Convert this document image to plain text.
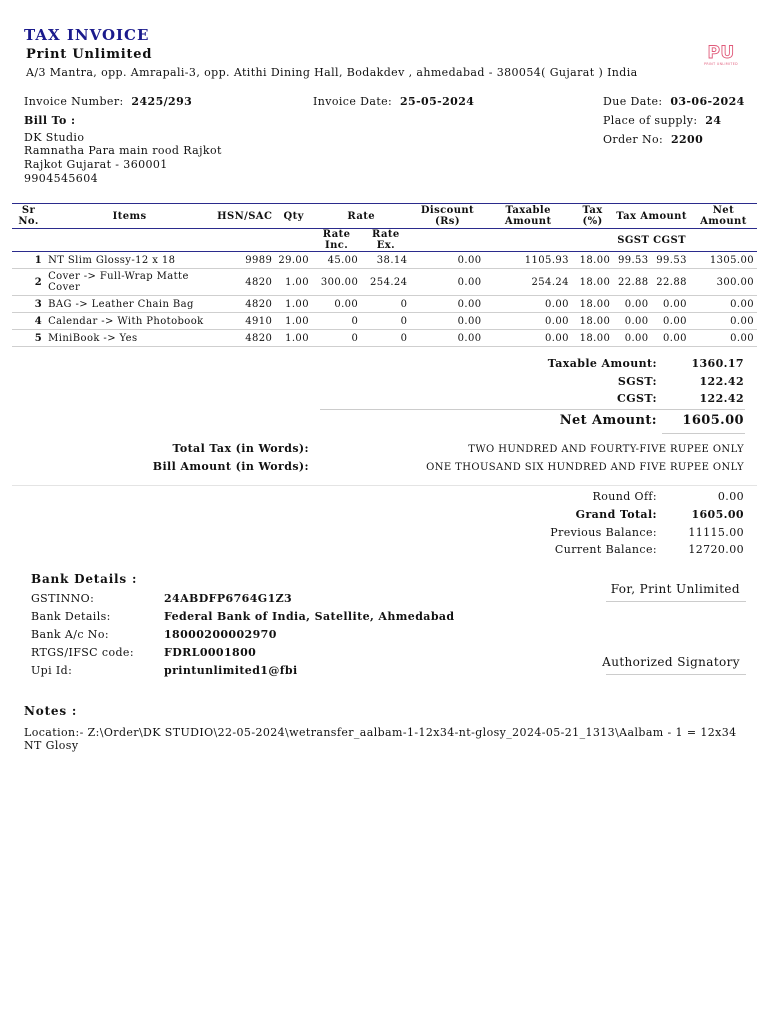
TAX INVOICE
Print Unlimited
A/3 Mantra, opp. Amrapali-3, opp. Atithi Dining Hall, Bodakdev , ahmedabad - 380054( Gujarat ) India
PU
PRINT UNLIMITED
Invoice Number: 2425/293	Invoice Date: 25-05-2024	Due Date: 03-06-2024
Place of supply: 24
Order No: 2200
Bill To :
DK Studio
Ramnatha Para main rood Rajkot
Rajkot Gujarat - 360001
9904545604
Sr No.	Items	HSN/SAC	Qty	Rate		Discount (Rs)	Taxable Amount	Tax (%)	Tax Amount		Net Amount
				Rate Inc.	Rate Ex.				SGST CGST		
1	NT Slim Glossy-12 x 18	9989	29.00	45.00	38.14	0.00	1105.93	18.00	99.53	99.53	1305.00
2	Cover -> Full-Wrap Matte Cover	4820	1.00	300.00	254.24	0.00	254.24	18.00	22.88	22.88	300.00
3	BAG -> Leather Chain Bag	4820	1.00	0.00	0	0.00	0.00	18.00	0.00	0.00	0.00
4	Calendar -> With Photobook	4910	1.00	0	0	0.00	0.00	18.00	0.00	0.00	0.00
5	MiniBook -> Yes	4820	1.00	0	0	0.00	0.00	18.00	0.00	0.00	0.00
Taxable Amount:	1360.17
SGST:	122.42
CGST:	122.42
Net Amount: 1605.00
Total Tax (in Words):	TWO HUNDRED AND FOURTY-FIVE RUPEE ONLY
Bill Amount (in Words):	ONE THOUSAND SIX HUNDRED AND FIVE RUPEE ONLY
Round Off:	0.00
Grand Total:	1605.00
Previous Balance:	11115.00
Current Balance:	12720.00
Bank Details :
GSTINNO:	24ABDFP6764G1Z3
Bank Details:	Federal Bank of India, Satellite, Ahmedabad
Bank A/c No:	18000200002970
RTGS/IFSC code:	FDRL0001800
Upi Id:	printunlimited1@fbi
For, Print Unlimited
Authorized Signatory
Notes :
Location:- Z:\Order\DK STUDIO\22-05-2024\wetransfer_aalbam-1-12x34-nt-glosy_2024-05-21_1313\Aalbam - 1 = 12x34 NT Glosy
